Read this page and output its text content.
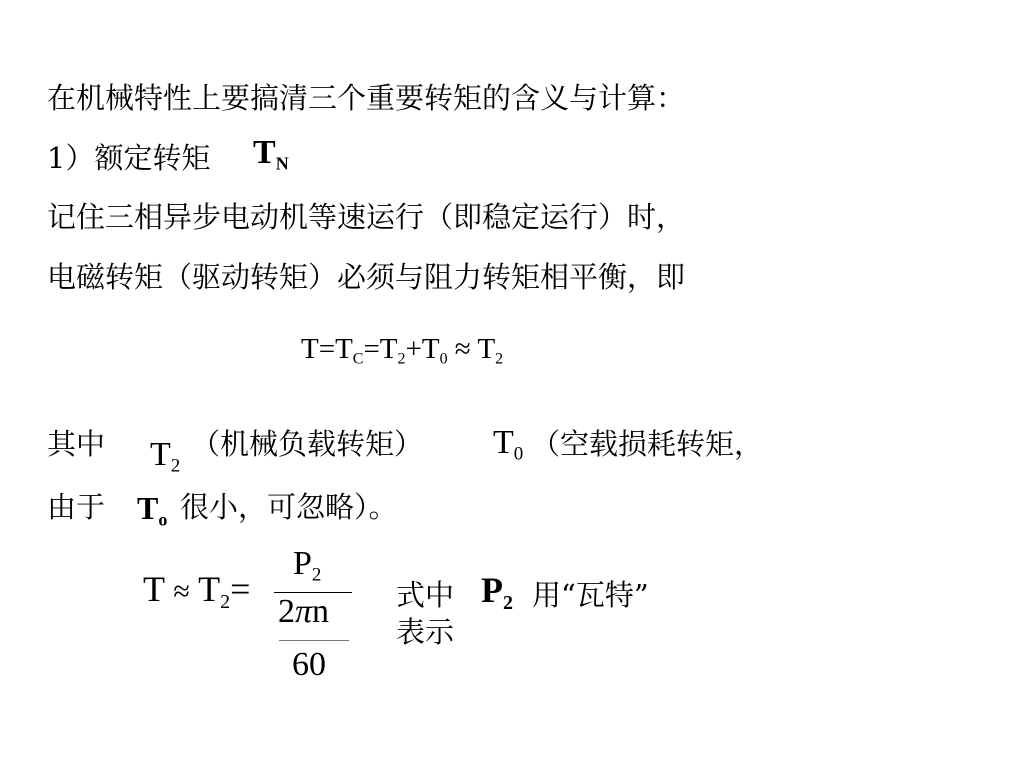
在机械特性上要搞清三个重要转矩的含义与计算：
1）额定转矩 $T_N$
记住三相异步电动机等速运行（即稳定运行）时，
电磁转矩（驱动转矩）必须与阻力转矩相平衡，即
$T=T_C=T_2+T_0 \approx T_2$
其中 $T_2$
（机械负载转矩） $T_0$ （空载损耗转矩，
由于 $T_o$ 很小，可忽略）。
$T \approx T_2=$
$P_2$
2πn
60
式中 $P_2$ 用“瓦特”
表示
